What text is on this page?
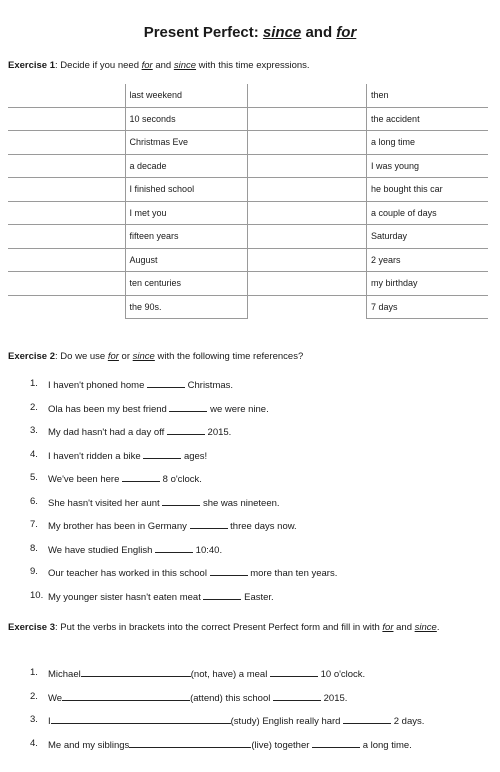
Present Perfect: since and for
Exercise 1: Decide if you need for and since with this time expressions.
	last weekend		then
	10 seconds		the accident
	Christmas Eve		a long time
	a decade		I was young
	I finished school		he bought this car
	I met you		a couple of days
	fifteen years		Saturday
	August		2 years
	ten centuries		my birthday
	the 90s.		7 days
Exercise 2: Do we use for or since with the following time references?
1. I haven't phoned home	Christmas.
2. Ola has been my best friend	we were nine.
3. My dad hasn't had a day off	2015.
4. I haven't ridden a bike	ages!
5. We've been here	8 o'clock.
6. She hasn't visited her aunt	she was nineteen.
7. My brother has been in Germany	three days now.
8. We have studied English	10:40.
9. Our teacher has worked in this school	more than ten years.
10. My younger sister hasn't eaten meat	Easter.
Exercise 3: Put the verbs in brackets into the correct Present Perfect form and fill in with for and since.
1. Michael	(not, have) a meal	10 o'clock.
2. We	(attend) this school	2015.
3. I	(study) English really hard	2 days.
4. Me and my siblings	(live) together	a long time.
